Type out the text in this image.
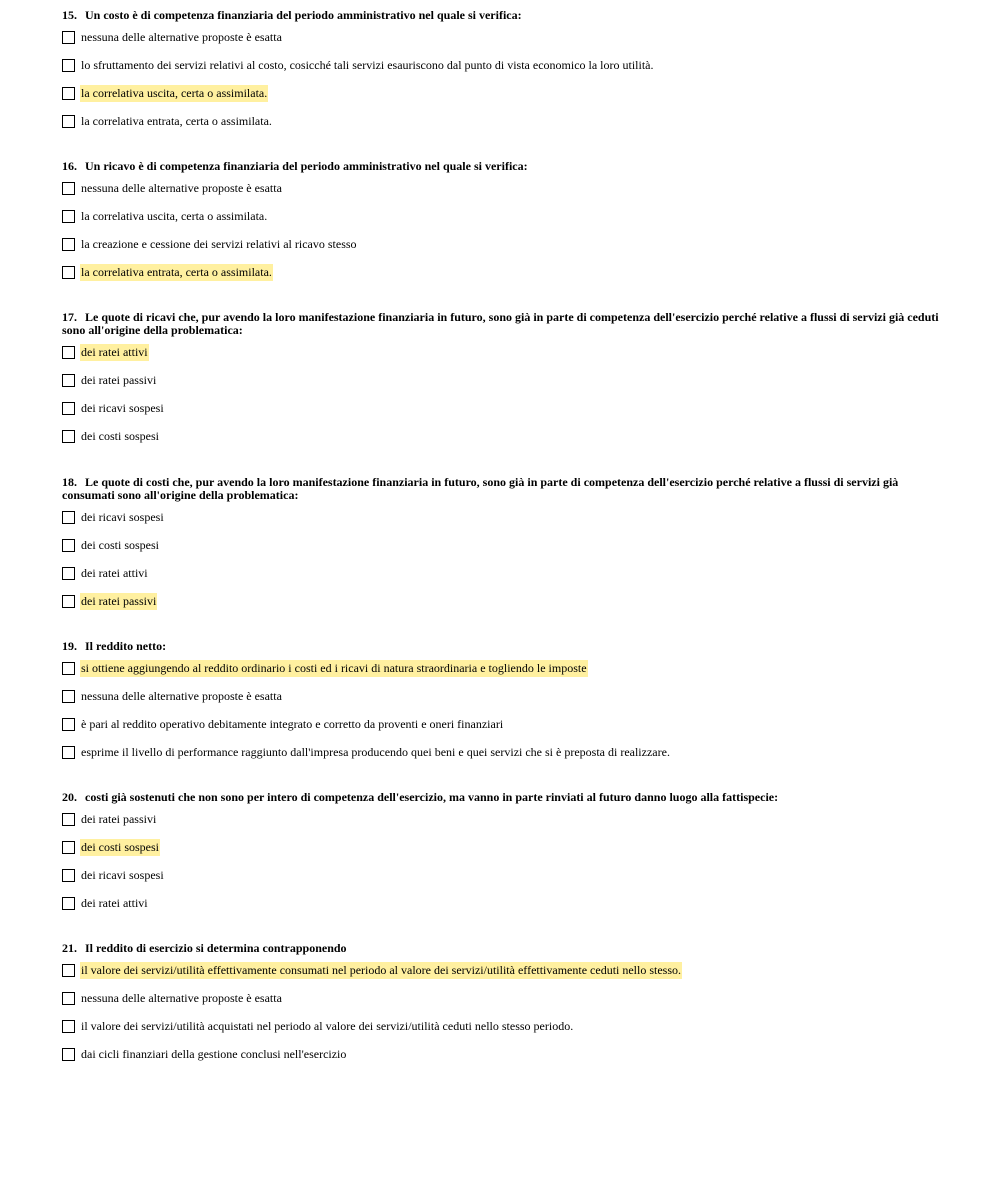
15. Un costo è di competenza finanziaria del periodo amministrativo nel quale si verifica:

nessuna delle alternative proposte è esatta
lo sfruttamento dei servizi relativi al costo, cosicché tali servizi esauriscono dal punto di vista economico la loro utilità.
la correlativa uscita, certa o assimilata.
la correlativa entrata, certa o assimilata.

16. Un ricavo è di competenza finanziaria del periodo amministrativo nel quale si verifica:

nessuna delle alternative proposte è esatta
la correlativa uscita, certa o assimilata.
la creazione e cessione dei servizi relativi al ricavo stesso
la correlativa entrata, certa o assimilata.

17. Le quote di ricavi che, pur avendo la loro manifestazione finanziaria in futuro, sono già in parte di competenza dell'esercizio perché relative a flussi di servizi già ceduti sono all'origine della problematica:

dei ratei attivi
dei ratei passivi
dei ricavi sospesi
dei costi sospesi

18. Le quote di costi che, pur avendo la loro manifestazione finanziaria in futuro, sono già in parte di competenza dell'esercizio perché relative a flussi di servizi già consumati sono all'origine della problematica:

dei ricavi sospesi
dei costi sospesi
dei ratei attivi
dei ratei passivi

19. Il reddito netto:

si ottiene aggiungendo al reddito ordinario i costi ed i ricavi di natura straordinaria e togliendo le imposte
nessuna delle alternative proposte è esatta
è pari al reddito operativo debitamente integrato e corretto da proventi e oneri finanziari
esprime il livello di performance raggiunto dall'impresa producendo quei beni e quei servizi che si è preposta di realizzare.

20. costi già sostenuti che non sono per intero di competenza dell'esercizio, ma vanno in parte rinviati al futuro danno luogo alla fattispecie:

dei ratei passivi
dei costi sospesi
dei ricavi sospesi
dei ratei attivi

21. Il reddito di esercizio si determina contrapponendo

il valore dei servizi/utilità effettivamente consumati nel periodo al valore dei servizi/utilità effettivamente ceduti nello stesso.
nessuna delle alternative proposte è esatta
il valore dei servizi/utilità acquistati nel periodo al valore dei servizi/utilità ceduti nello stesso periodo.
dai cicli finanziari della gestione conclusi nell'esercizio
